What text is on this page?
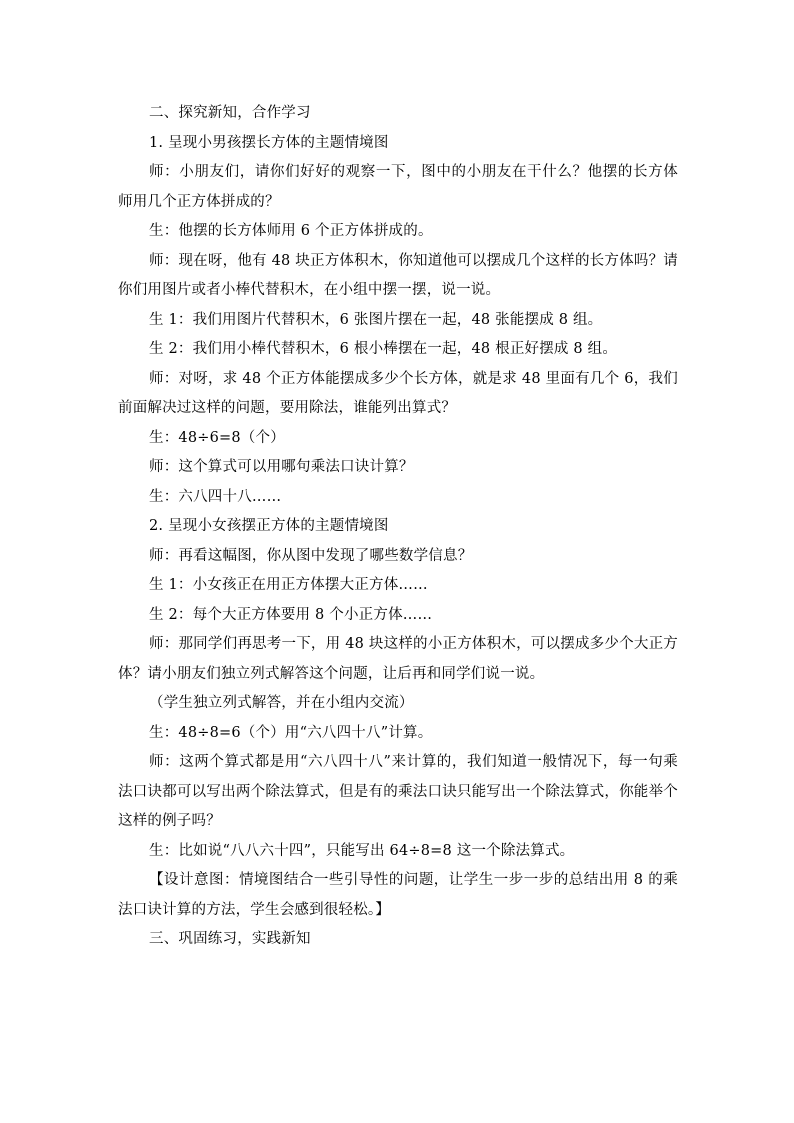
二、探究新知，合作学习

1. 呈现小男孩摆长方体的主题情境图

师：小朋友们，请你们好好的观察一下，图中的小朋友在干什么？他摆的长方体师用几个正方体拼成的？

生：他摆的长方体师用 6 个正方体拼成的。

师：现在呀，他有 48 块正方体积木，你知道他可以摆成几个这样的长方体吗？请你们用图片或者小棒代替积木，在小组中摆一摆，说一说。

生 1：我们用图片代替积木，6 张图片摆在一起，48 张能摆成 8 组。

生 2：我们用小棒代替积木，6 根小棒摆在一起，48 根正好摆成 8 组。

师：对呀，求 48 个正方体能摆成多少个长方体，就是求 48 里面有几个 6，我们前面解决过这样的问题，要用除法，谁能列出算式？

生：48÷6=8（个）

师：这个算式可以用哪句乘法口诀计算？

生：六八四十八……

2. 呈现小女孩摆正方体的主题情境图

师：再看这幅图，你从图中发现了哪些数学信息？

生 1：小女孩正在用正方体摆大正方体……

生 2：每个大正方体要用 8 个小正方体……

师：那同学们再思考一下，用 48 块这样的小正方体积木，可以摆成多少个大正方体？请小朋友们独立列式解答这个问题，让后再和同学们说一说。

（学生独立列式解答，并在小组内交流）

生：48÷8=6（个）用“六八四十八”计算。

师：这两个算式都是用“六八四十八”来计算的，我们知道一般情况下，每一句乘法口诀都可以写出两个除法算式，但是有的乘法口诀只能写出一个除法算式，你能举个这样的例子吗？

生：比如说“八八六十四”，只能写出 64÷8=8 这一个除法算式。

【设计意图：情境图结合一些引导性的问题，让学生一步一步的总结出用 8 的乘法口诀计算的方法，学生会感到很轻松。】

三、巩固练习，实践新知
